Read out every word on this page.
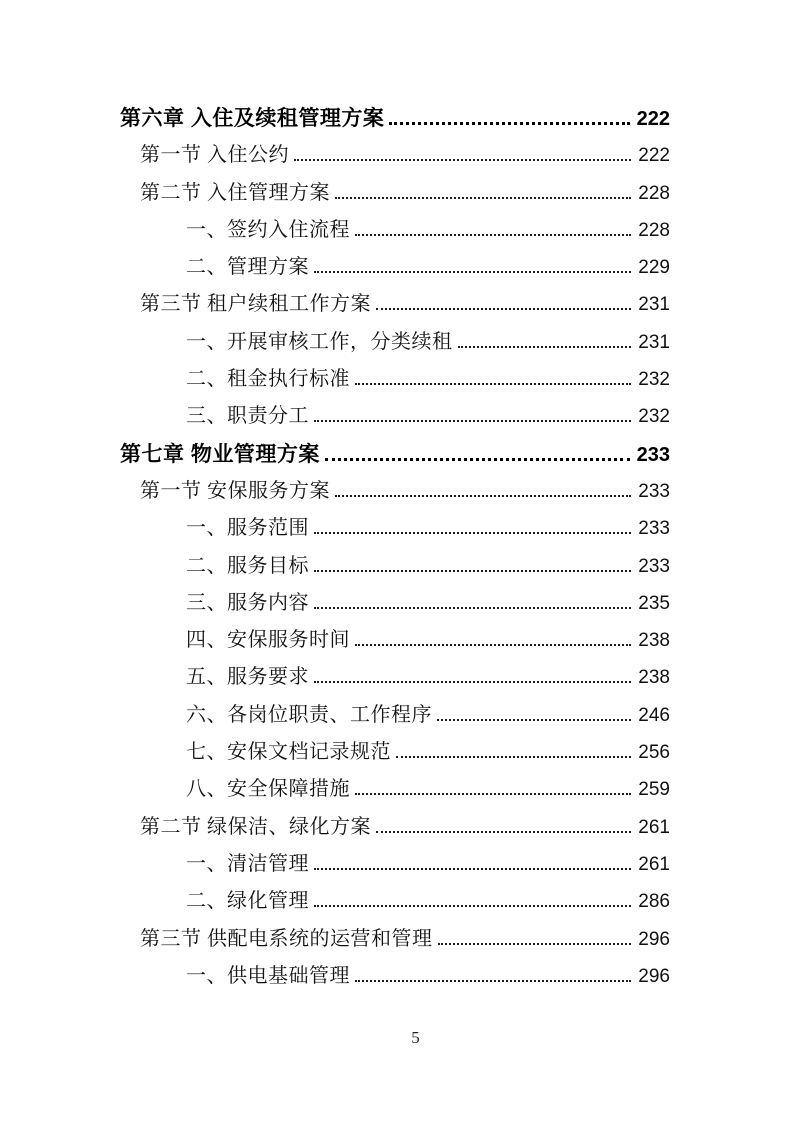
第六章 入住及续租管理方案	222
第一节 入住公约	222
第二节 入住管理方案	228
一、签约入住流程	228
二、管理方案	229
第三节 租户续租工作方案	231
一、开展审核工作，分类续租	231
二、租金执行标准	232
三、职责分工	232
第七章 物业管理方案	233
第一节 安保服务方案	233
一、服务范围	233
二、服务目标	233
三、服务内容	235
四、安保服务时间	238
五、服务要求	238
六、各岗位职责、工作程序	246
七、安保文档记录规范	256
八、安全保障措施	259
第二节 绿保洁、绿化方案	261
一、清洁管理	261
二、绿化管理	286
第三节 供配电系统的运营和管理	296
一、供电基础管理	296
5
